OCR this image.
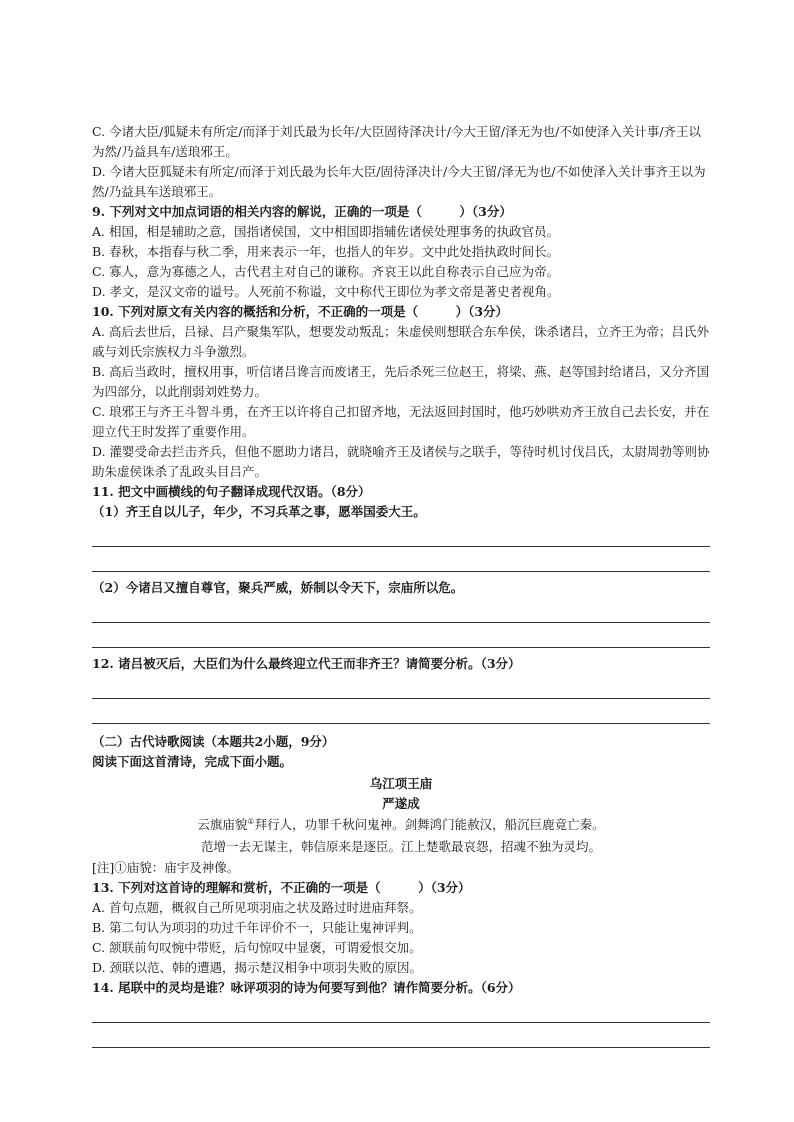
C. 今诸大臣/狐疑未有所定/而泽于刘氏最为长年/大臣固待泽决计/今大王留/泽无为也/不如使泽入关计事/齐王以为然/乃益具车/送琅邪王。

D. 今诸大臣狐疑未有所定/而泽于刘氏最为长年大臣/固待泽决计/今大王留/泽无为也/不如使泽入关计事齐王以为然/乃益具车送琅邪王。

9. 下列对文中加点词语的相关内容的解说，正确的一项是（　　　）（3分）

A. 相国，相是辅助之意，国指诸侯国，文中相国即指辅佐诸侯处理事务的执政官员。

B. 春秋，本指春与秋二季，用来表示一年，也指人的年岁。文中此处指执政时间长。

C. 寡人，意为寡德之人，古代君主对自己的谦称。齐哀王以此自称表示自己应为帝。

D. 孝文，是汉文帝的谥号。人死前不称谥，文中称代王即位为孝文帝是著史者视角。

10. 下列对原文有关内容的概括和分析，不正确的一项是（　　　）（3分）

A. 高后去世后，吕禄、吕产聚集军队，想要发动叛乱；朱虚侯则想联合东牟侯，诛杀诸吕，立齐王为帝；吕氏外戚与刘氏宗族权力斗争激烈。

B. 高后当政时，擅权用事，听信诸吕谗言而废诸王，先后杀死三位赵王，将梁、燕、赵等国封给诸吕，又分齐国为四部分，以此削弱刘姓势力。

C. 琅邪王与齐王斗智斗勇，在齐王以许将自己扣留齐地，无法返回封国时，他巧妙哄劝齐王放自己去长安，并在迎立代王时发挥了重要作用。

D. 灌婴受命去拦击齐兵，但他不愿助力诸吕，就晓喻齐王及诸侯与之联手，等待时机讨伐吕氏，太尉周勃等则协助朱虚侯诛杀了乱政头目吕产。

11. 把文中画横线的句子翻译成现代汉语。（8分）

（1）齐王自以儿子，年少，不习兵革之事，愿举国委大王。

（2）今诸吕又擅自尊官，聚兵严威，娇制以令天下，宗庙所以危。

12. 诸吕被灭后，大臣们为什么最终迎立代王而非齐王？请简要分析。（3分）

（二）古代诗歌阅读（本题共2小题，9分）

阅读下面这首清诗，完成下面小题。

乌江项王庙

严遂成

云旗庙貌①拜行人，功罪千秋问鬼神。剑舞鸿门能赦汉，船沉巨鹿竟亡秦。

范增一去无谋主，韩信原来是逐臣。江上楚歌最哀怨，招魂不独为灵均。

[注]①庙貌：庙宇及神像。

13. 下列对这首诗的理解和赏析，不正确的一项是（　　　）（3分）

A. 首句点题，概叙自己所见项羽庙之状及路过时进庙拜祭。

B. 第二句认为项羽的功过千年评价不一，只能让鬼神评判。

C. 颔联前句叹惋中带贬，后句惊叹中显褒，可谓爱恨交加。

D. 颈联以范、韩的遭遇，揭示楚汉相争中项羽失败的原因。

14. 尾联中的灵均是谁？咏评项羽的诗为何要写到他？请作简要分析。（6分）
